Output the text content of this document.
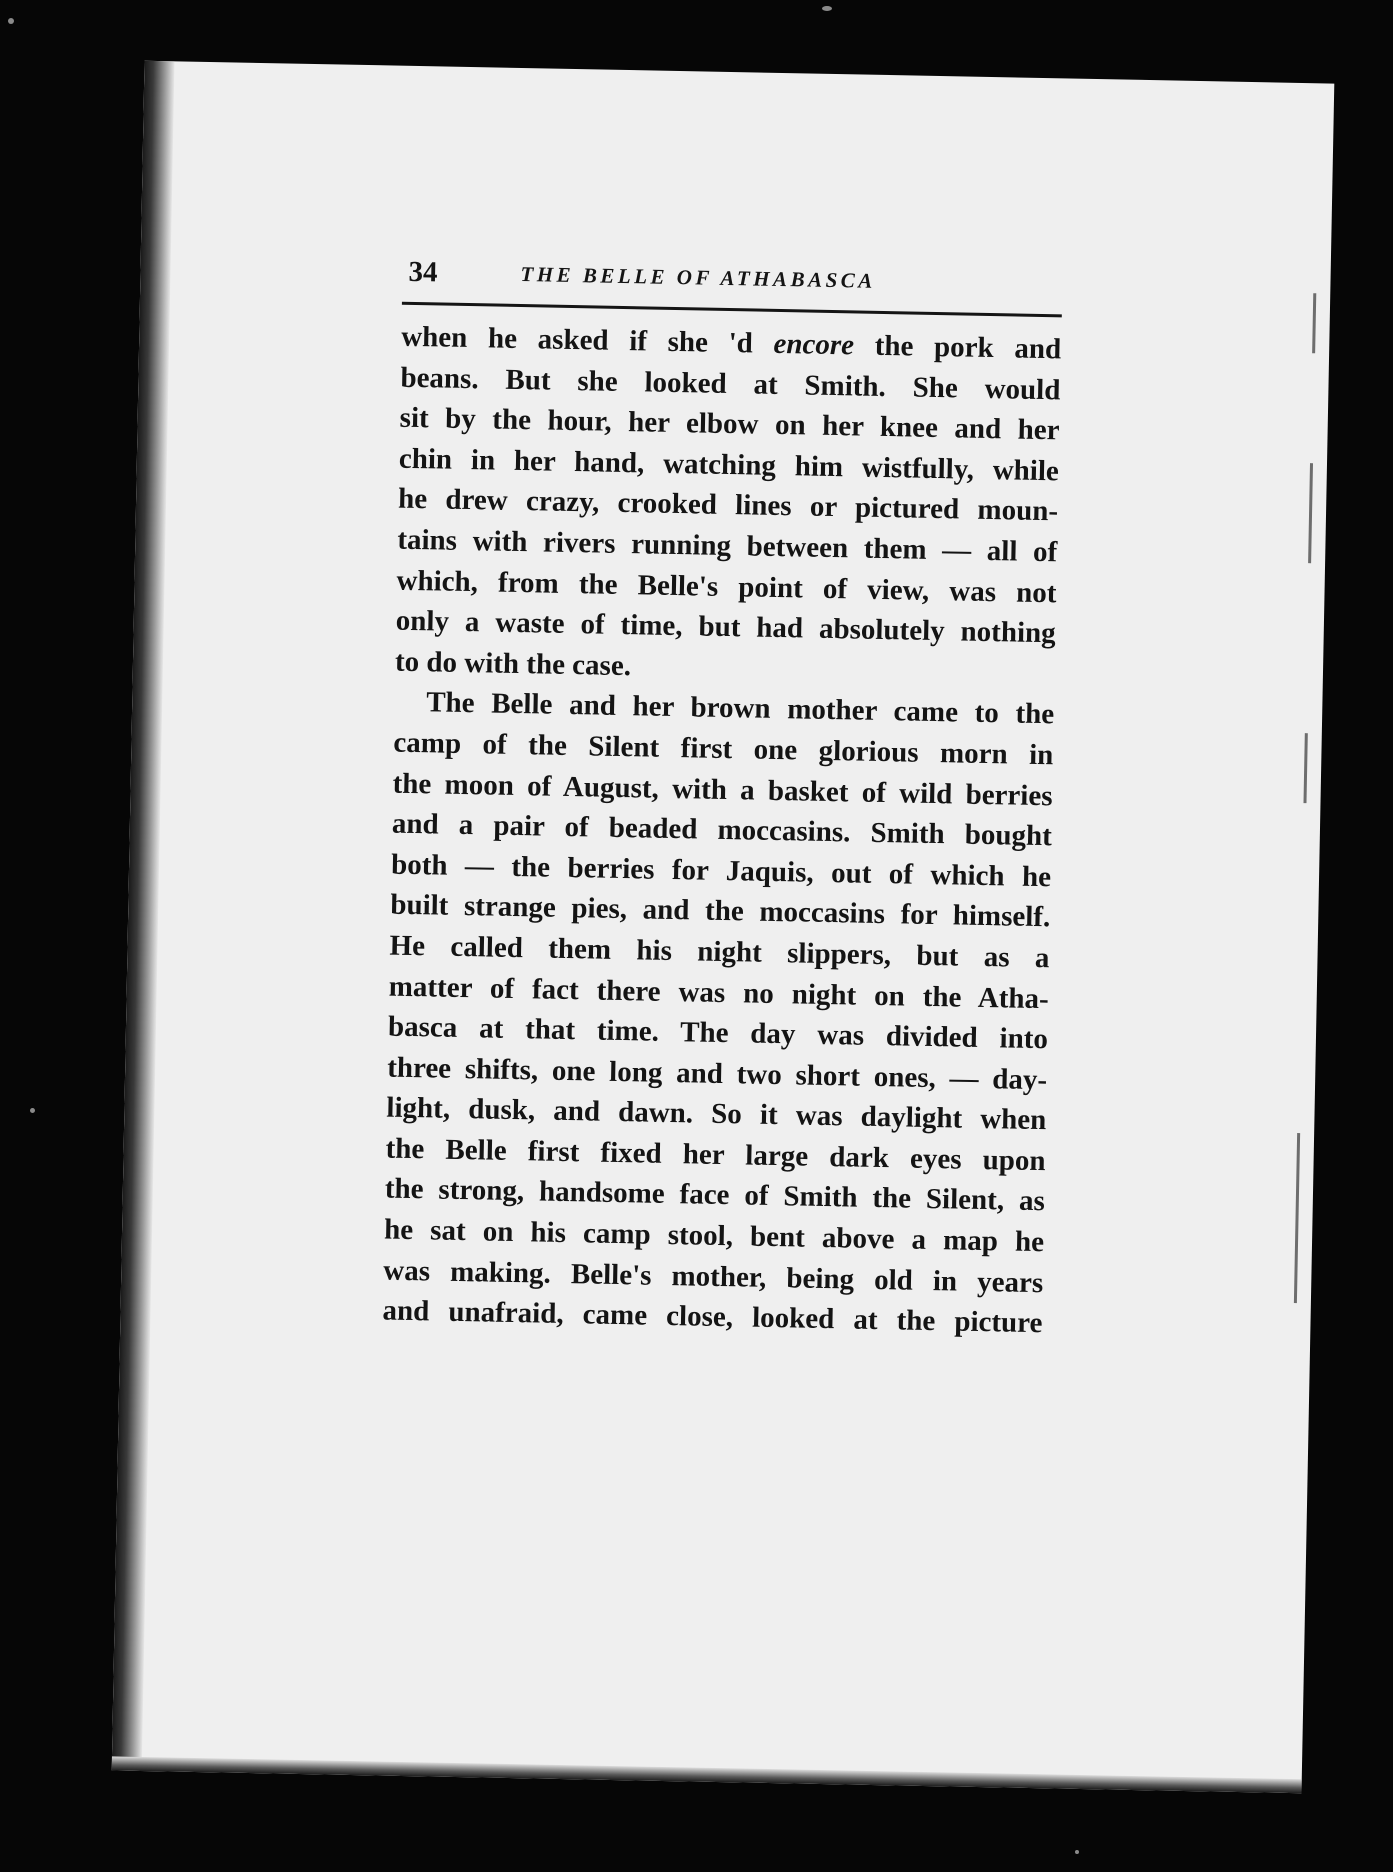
34	THE BELLE OF ATHABASCA
when he asked if she 'd encore the pork and
beans. But she looked at Smith. She would
sit by the hour, her elbow on her knee and her
chin in her hand, watching him wistfully, while
he drew crazy, crooked lines or pictured moun-
tains with rivers running between them — all of
which, from the Belle's point of view, was not
only a waste of time, but had absolutely nothing
to do with the case.
The Belle and her brown mother came to the
camp of the Silent first one glorious morn in
the moon of August, with a basket of wild berries
and a pair of beaded moccasins. Smith bought
both — the berries for Jaquis, out of which he
built strange pies, and the moccasins for himself.
He called them his night slippers, but as a
matter of fact there was no night on the Atha-
basca at that time. The day was divided into
three shifts, one long and two short ones, — day-
light, dusk, and dawn. So it was daylight when
the Belle first fixed her large dark eyes upon
the strong, handsome face of Smith the Silent, as
he sat on his camp stool, bent above a map he
was making. Belle's mother, being old in years
and unafraid, came close, looked at the picture
